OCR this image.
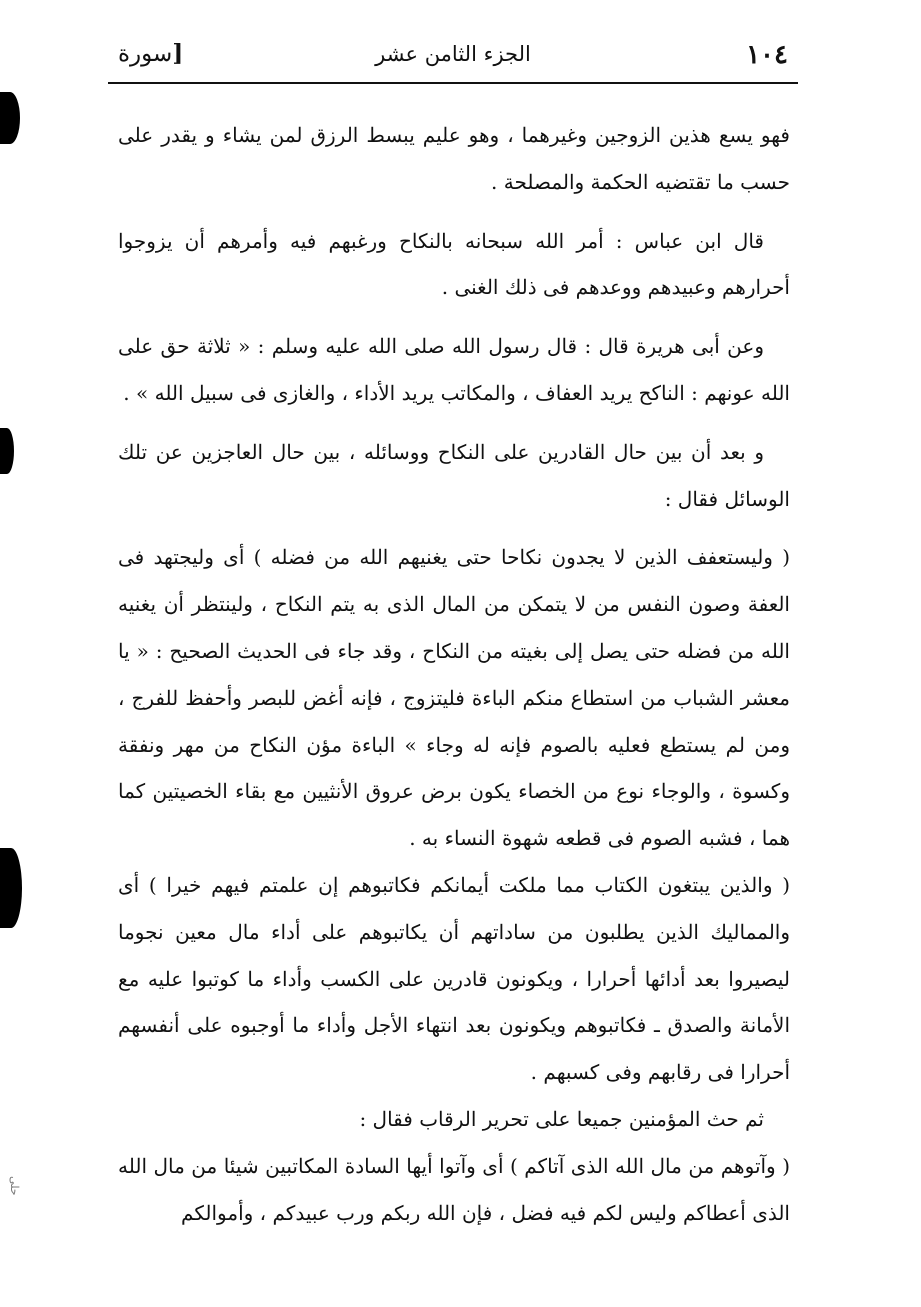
١٠٤
الجزء الثامن عشر
[سورة

فهو يسع هذين الزوجين وغيرهما ، وهو عليم يبسط الرزق لمن يشاء و يقدر على حسب ما تقتضيه الحكمة والمصلحة .

قال ابن عباس : أمر الله سبحانه بالنكاح ورغبهم فيه وأمرهم أن يزوجوا أحرارهم وعبيدهم ووعدهم فى ذلك الغنى .

وعن أبى هريرة قال : قال رسول الله صلى الله عليه وسلم : « ثلاثة حق على الله عونهم : الناكح يريد العفاف ، والمكاتب يريد الأداء ، والغازى فى سبيل الله » .

و بعد أن بين حال القادرين على النكاح ووسائله ، بين حال العاجزين عن تلك الوسائل فقال :

( وليستعفف الذين لا يجدون نكاحا حتى يغنيهم الله من فضله ) أى وليجتهد فى العفة وصون النفس من لا يتمكن من المال الذى به يتم النكاح ، ولينتظر أن يغنيه الله من فضله حتى يصل إلى بغيته من النكاح ، وقد جاء فى الحديث الصحيح : « يا معشر الشباب من استطاع منكم الباءة فليتزوج ، فإنه أغض للبصر وأحفظ للفرج ، ومن لم يستطع فعليه بالصوم فإنه له وجاء » الباءة مؤن النكاح من مهر ونفقة وكسوة ، والوجاء نوع من الخصاء يكون برض عروق الأنثيين مع بقاء الخصيتين كما هما ، فشبه الصوم فى قطعه شهوة النساء به .

( والذين يبتغون الكتاب مما ملكت أيمانكم فكاتبوهم إن علمتم فيهم خيرا ) أى والمماليك الذين يطلبون من ساداتهم أن يكاتبوهم على أداء مال معين نجوما ليصيروا بعد أدائها أحرارا ، ويكونون قادرين على الكسب وأداء ما كوتبوا عليه مع الأمانة والصدق ـ فكاتبوهم ويكونون بعد انتهاء الأجل وأداء ما أوجبوه على أنفسهم أحرارا فى رقابهم وفى كسبهم .

ثم حث المؤمنين جميعا على تحرير الرقاب فقال :

( وآتوهم من مال الله الذى آتاكم ) أى وآتوا أيها السادة المكاتبين شيئا من مال الله الذى أعطاكم وليس لكم فيه فضل ، فإن الله ربكم ورب عبيدكم ، وأموالكم

حلى
